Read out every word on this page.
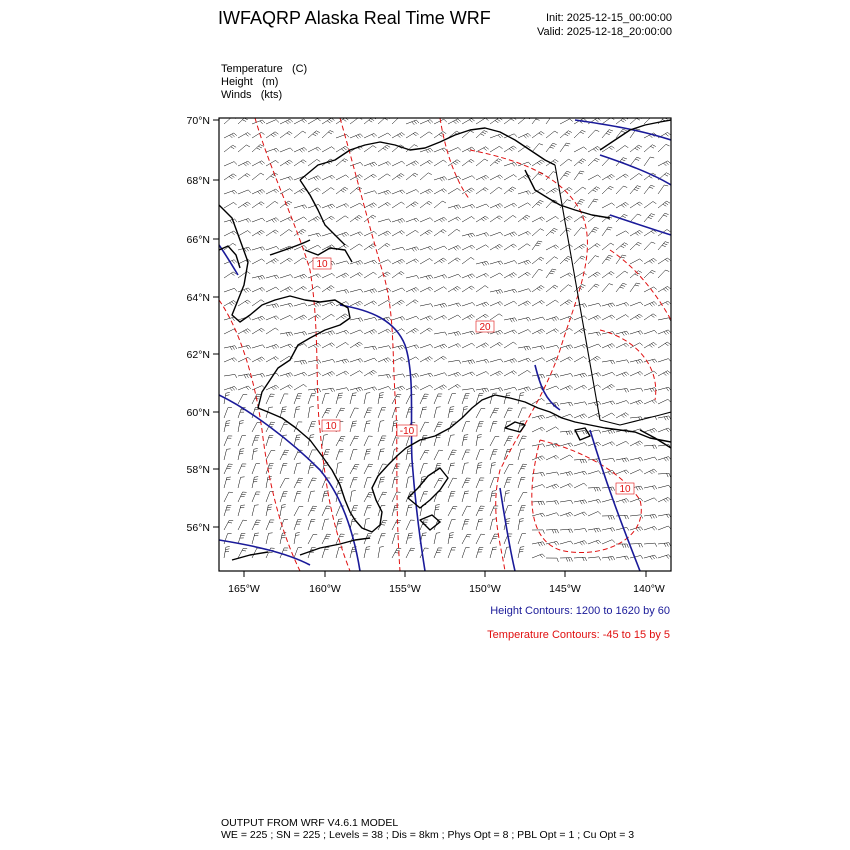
IWFAQRP Alaska Real Time WRF	Init: 2025-12-15_00:00:00
Valid: 2025-12-18_20:00:00
Temperature (C)
Height (m)
Winds (kts)
10
20
10	-10
10
70°N
68°N
66°N
64°N
62°N
60°N
58°N
56°N
165°W	160°W	155°W	150°W	145°W	140°W
Height Contours: 1200 to 1620 by 60
Temperature Contours: -45 to 15 by 5
OUTPUT FROM WRF V4.6.1 MODEL
WE = 225 ; SN = 225 ; Levels = 38 ; Dis = 8km ; Phys Opt = 8 ; PBL Opt = 1 ; Cu Opt = 3
